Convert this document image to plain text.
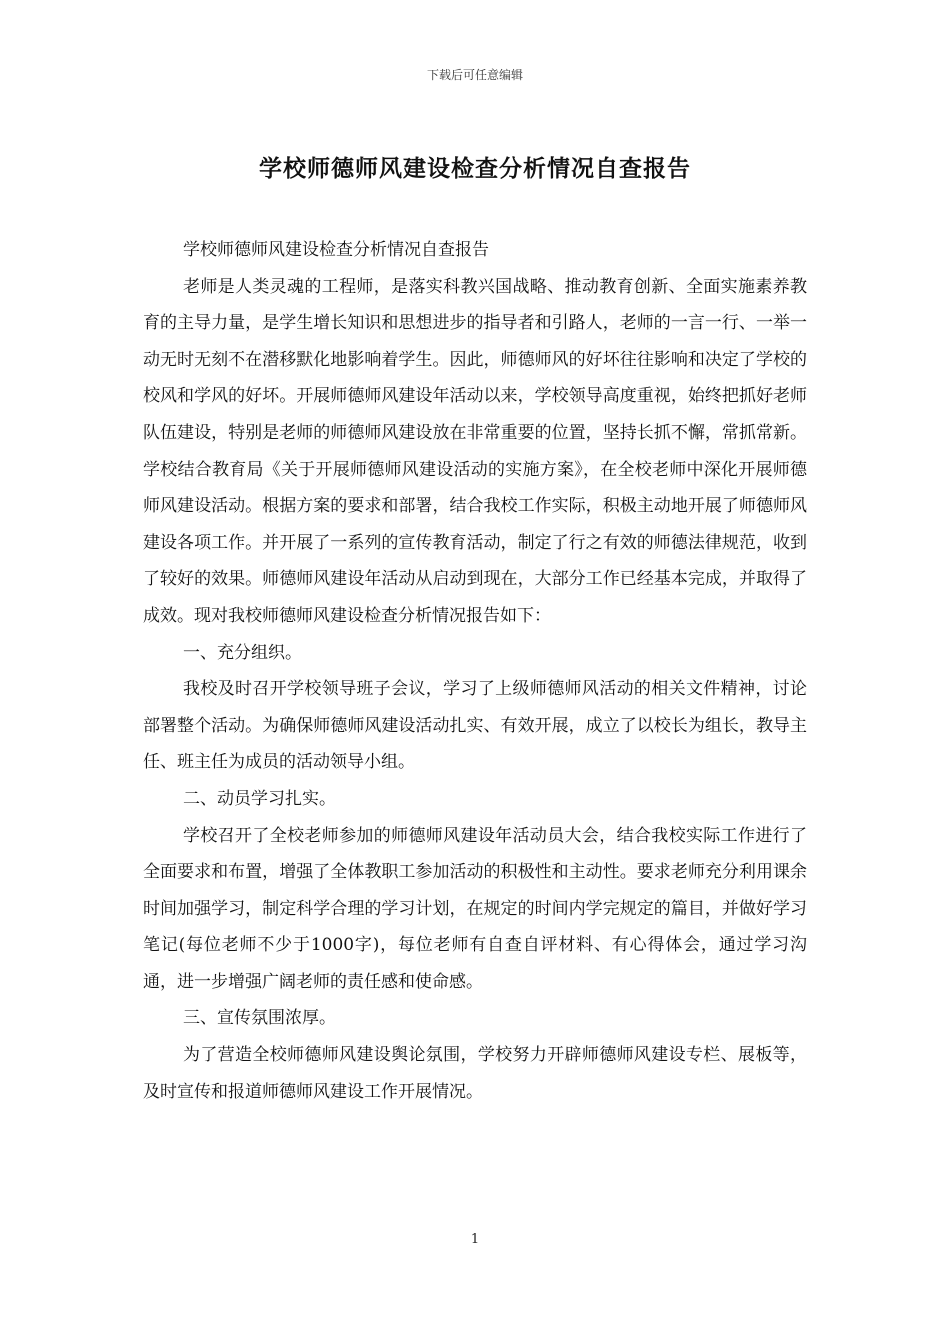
下载后可任意编辑
学校师德师风建设检查分析情况自查报告

学校师德师风建设检查分析情况自查报告

老师是人类灵魂的工程师，是落实科教兴国战略、推动教育创新、全面实施素养教育的主导力量，是学生增长知识和思想进步的指导者和引路人，老师的一言一行、一举一动无时无刻不在潜移默化地影响着学生。因此，师德师风的好坏往往影响和决定了学校的校风和学风的好坏。开展师德师风建设年活动以来，学校领导高度重视，始终把抓好老师队伍建设，特别是老师的师德师风建设放在非常重要的位置，坚持长抓不懈，常抓常新。学校结合教育局《关于开展师德师风建设活动的实施方案》，在全校老师中深化开展师德师风建设活动。根据方案的要求和部署，结合我校工作实际，积极主动地开展了师德师风建设各项工作。并开展了一系列的宣传教育活动，制定了行之有效的师德法律规范，收到了较好的效果。师德师风建设年活动从启动到现在，大部分工作已经基本完成，并取得了成效。现对我校师德师风建设检查分析情况报告如下：

一、充分组织。

我校及时召开学校领导班子会议，学习了上级师德师风活动的相关文件精神，讨论部署整个活动。为确保师德师风建设活动扎实、有效开展，成立了以校长为组长，教导主任、班主任为成员的活动领导小组。

二、动员学习扎实。

学校召开了全校老师参加的师德师风建设年活动员大会，结合我校实际工作进行了全面要求和布置，增强了全体教职工参加活动的积极性和主动性。要求老师充分利用课余时间加强学习，制定科学合理的学习计划，在规定的时间内学完规定的篇目，并做好学习笔记(每位老师不少于1000字)，每位老师有自查自评材料、有心得体会，通过学习沟通，进一步增强广阔老师的责任感和使命感。

三、宣传氛围浓厚。

为了营造全校师德师风建设舆论氛围，学校努力开辟师德师风建设专栏、展板等，及时宣传和报道师德师风建设工作开展情况。

1
